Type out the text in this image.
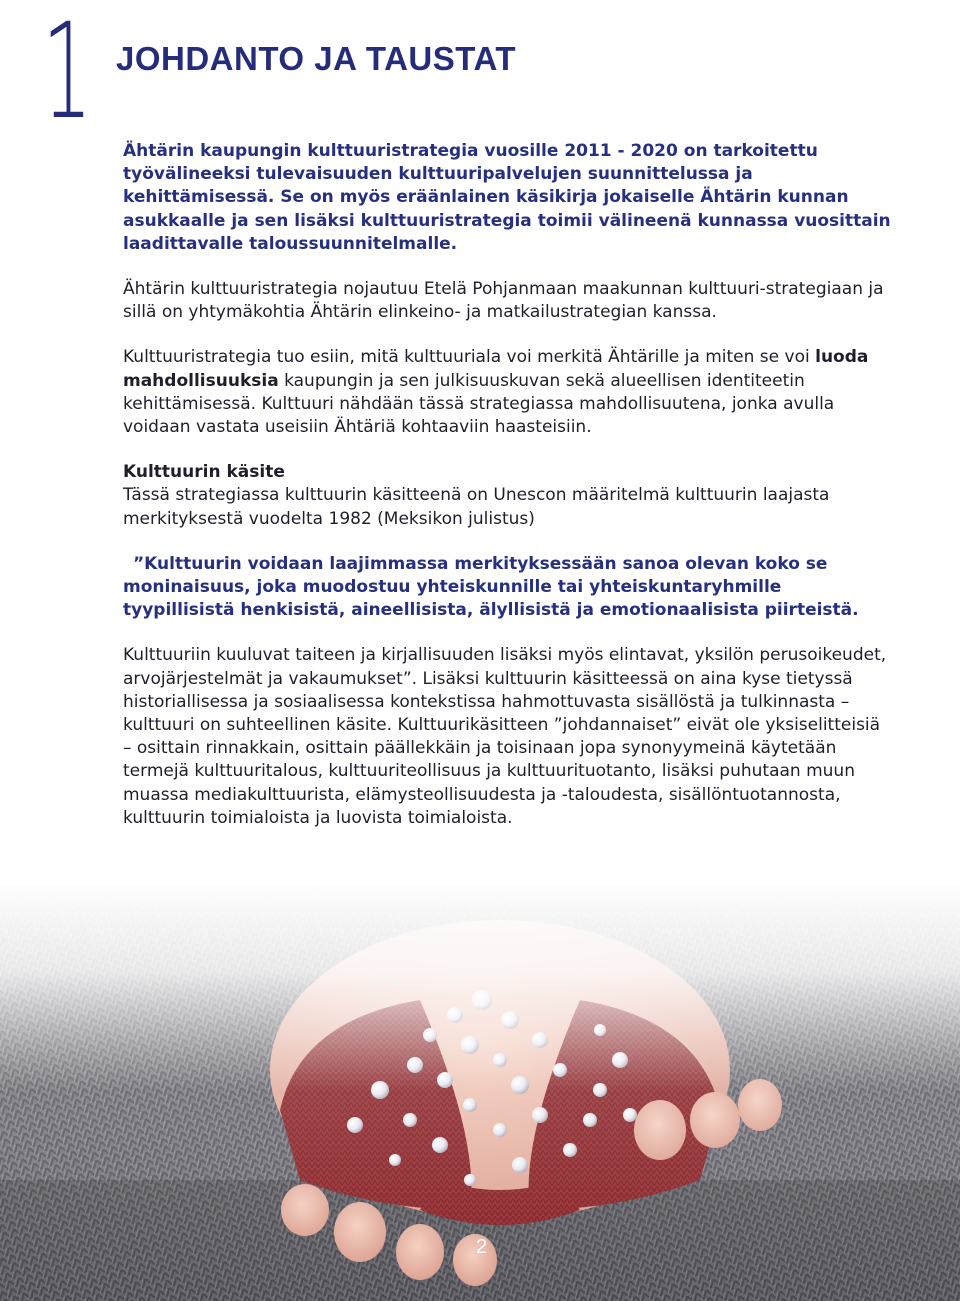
1 JOHDANTO JA TAUSTAT

Ähtärin kaupungin kulttuuristrategia vuosille 2011 - 2020 on tarkoitettu työvälineeksi tulevaisuuden kulttuuripalvelujen suunnittelussa ja kehittämisessä. Se on myös eräänlainen käsikirja jokaiselle Ähtärin kunnan asukkaalle ja sen lisäksi kulttuuristrategia toimii välineenä kunnassa vuosittain laadittavalle taloussuunnitelmalle.

Ähtärin kulttuuristrategia nojautuu Etelä Pohjanmaan maakunnan kulttuuri-strategiaan ja sillä on yhtymäkohtia Ähtärin elinkeino- ja matkailustrategian kanssa.

Kulttuuristrategia tuo esiin, mitä kulttuuriala voi merkitä Ähtärille ja miten se voi luoda mahdollisuuksia kaupungin ja sen julkisuuskuvan sekä alueellisen identiteetin kehittämisessä. Kulttuuri nähdään tässä strategiassa mahdollisuutena, jonka avulla voidaan vastata useisiin Ähtäriä kohtaaviin haasteisiin.

Kulttuurin käsite

Tässä strategiassa kulttuurin käsitteenä on Unescon määritelmä kulttuurin laajasta merkityksestä vuodelta 1982 (Meksikon julistus)

”Kulttuurin voidaan laajimmassa merkityksessään sanoa olevan koko se moninaisuus, joka muodostuu yhteiskunnille tai yhteiskuntaryhmille tyypillisistä henkisistä, aineellisista, älyllisistä ja emotionaalisista piirteistä.

Kulttuuriin kuuluvat taiteen ja kirjallisuuden lisäksi myös elintavat, yksilön perusoikeudet, arvojärjestelmät ja vakaumukset”. Lisäksi kulttuurin käsitteessä on aina kyse tietyssä historiallisessa ja sosiaalisessa kontekstissa hahmottuvasta sisällöstä ja tulkinnasta – kulttuuri on suhteellinen käsite. Kulttuurikäsitteen ”johdannaiset” eivät ole yksiselitteisiä – osittain rinnakkain, osittain päällekkäin ja toisinaan jopa synonyymeinä käytetään termejä kulttuuritalous, kulttuuriteollisuus ja kulttuurituotanto, lisäksi puhutaan muun muassa mediakulttuurista, elämysteollisuudesta ja -taloudesta, sisällöntuotannosta, kulttuurin toimialoista ja luovista toimialoista.

2
